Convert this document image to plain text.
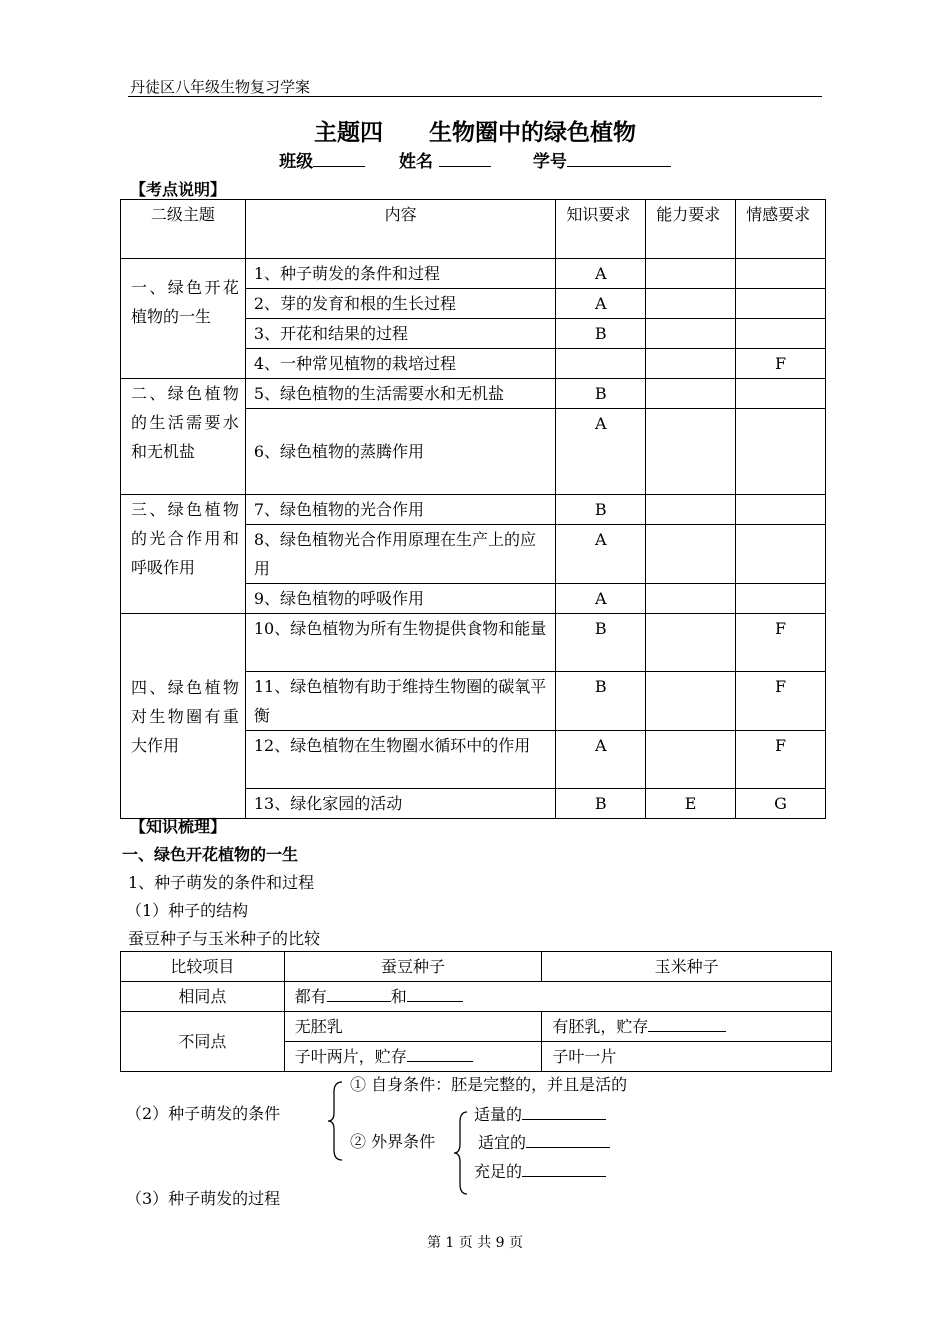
丹徒区八年级生物复习学案
主题四 生物圈中的绿色植物
班级	姓名	学号
【考点说明】
二级主题	内容	知识要求	能力要求	情感要求
一、绿色开花植物的一生	1、种子萌发的条件和过程	A		
	2、芽的发育和根的生长过程	A		
	3、开花和结果的过程	B		
	4、一种常见植物的栽培过程			F
二、绿色植物的生活需要水和无机盐	5、绿色植物的生活需要水和无机盐	B		
	6、绿色植物的蒸腾作用	A		
三、绿色植物的光合作用和呼吸作用	7、绿色植物的光合作用	B		
	8、绿色植物光合作用原理在生产上的应用	A		
	9、绿色植物的呼吸作用	A		
四、绿色植物对生物圈有重大作用	10、绿色植物为所有生物提供食物和能量	B		F
	11、绿色植物有助于维持生物圈的碳氧平衡	B		F
	12、绿色植物在生物圈水循环中的作用	A		F
	13、绿化家园的活动	B	E	G
【知识梳理】
一、绿色开花植物的一生
1、种子萌发的条件和过程
（1）种子的结构
蚕豆种子与玉米种子的比较
比较项目	蚕豆种子	玉米种子
相同点	都有 和	
不同点	无胚乳	有胚乳，贮存
	子叶两片，贮存	子叶一片
（2）种子萌发的条件
① 自身条件：胚是完整的，并且是活的
② 外界条件
适量的
适宜的
充足的
（3）种子萌发的过程
第 1 页 共 9 页
